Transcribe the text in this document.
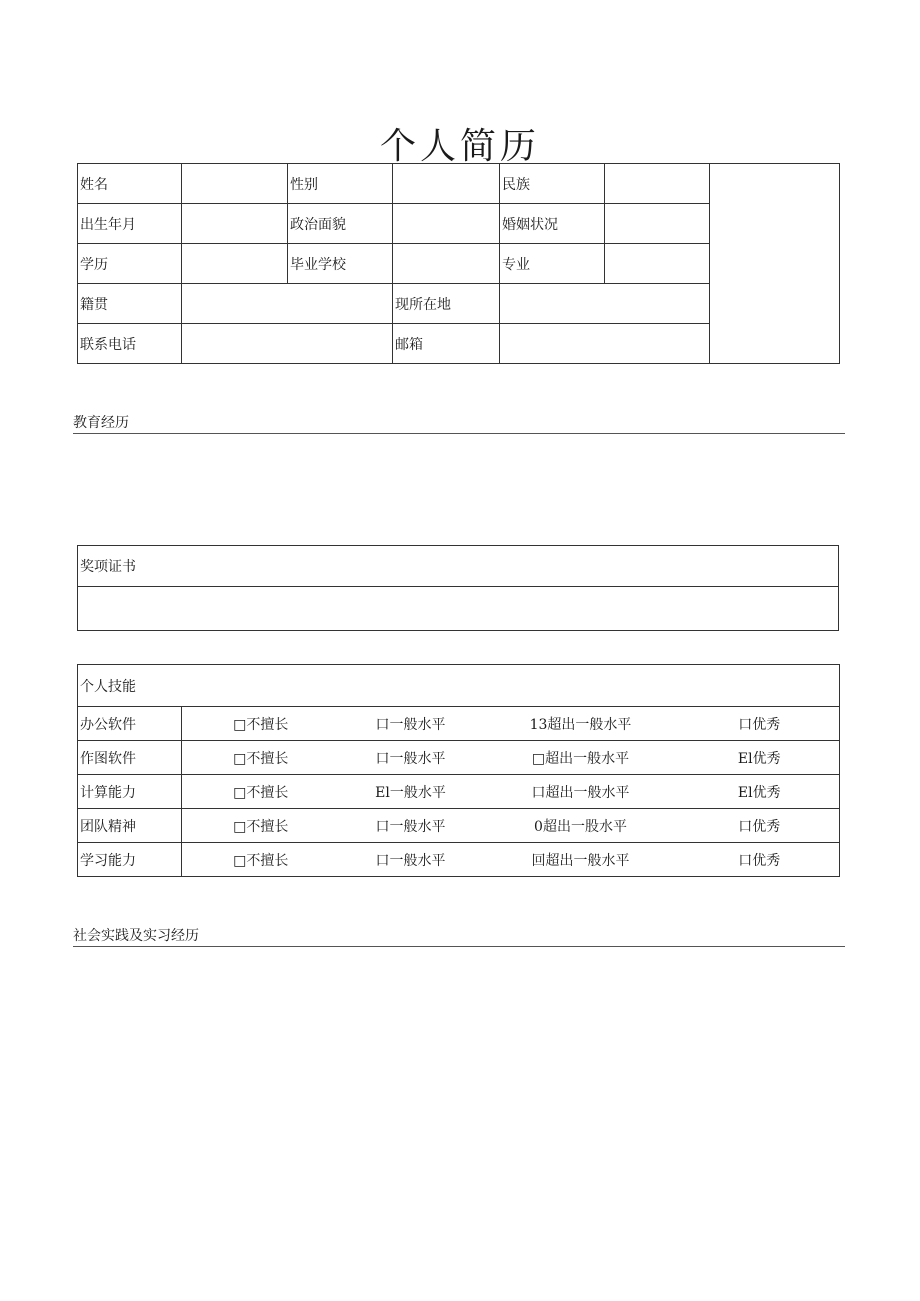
个人简历
姓名		性别		民族		
出生年月		政治面貌		婚姻状况		
学历		毕业学校		专业		
籍贯			现所在地			
联系电话			邮箱			
教育经历
奖项证书

个人技能				
办公软件	□不擅长	口一般水平	13超出一般水平	口优秀
作图软件	□不擅长	口一般水平	□超出一般水平	El优秀
计算能力	□不擅长	El一般水平	口超出一般水平	El优秀
团队精神	□不擅长	口一般水平	0超出一股水平	口优秀
学习能力	□不擅长	口一般水平	回超出一般水平	口优秀
社会实践及实习经历
